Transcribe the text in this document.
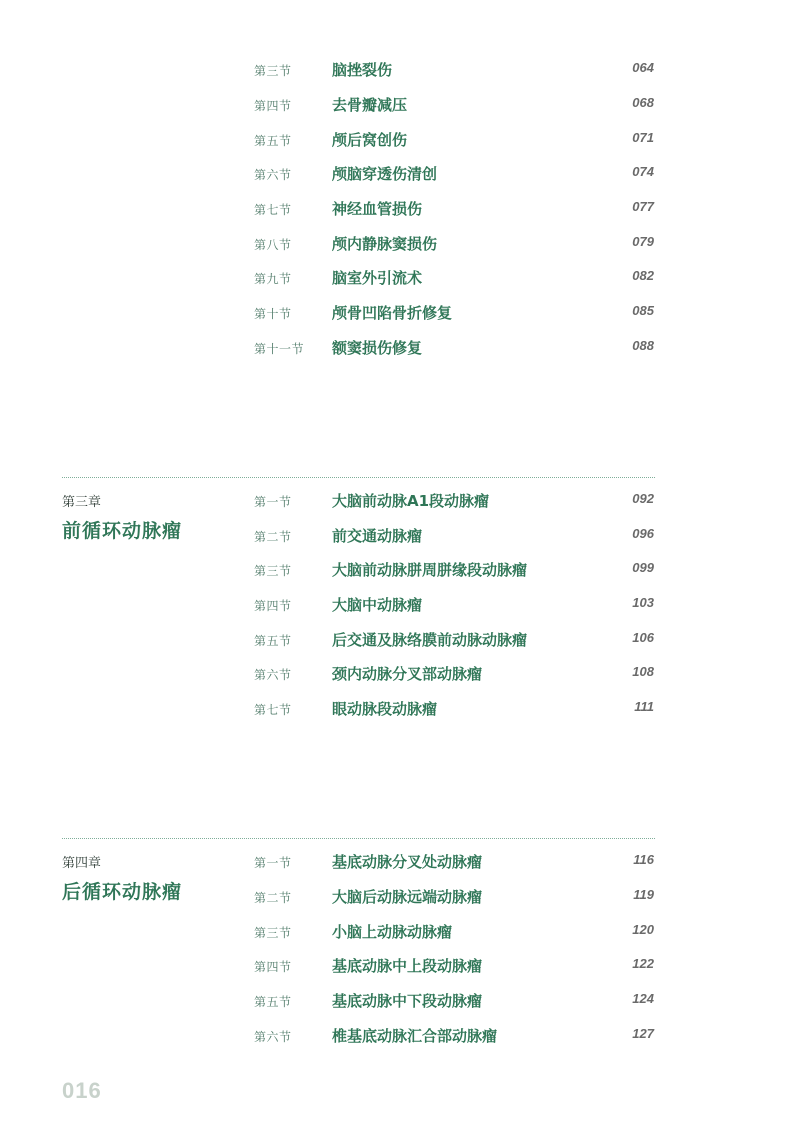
第三节	脑挫裂伤	064
第四节	去骨瓣减压	068
第五节	颅后窝创伤	071
第六节	颅脑穿透伤清创	074
第七节	神经血管损伤	077
第八节	颅内静脉窦损伤	079
第九节	脑室外引流术	082
第十节	颅骨凹陷骨折修复	085
第十一节 额窦损伤修复	088
第三章
前循环动脉瘤
第一节	大脑前动脉A1段动脉瘤	092
第二节	前交通动脉瘤	096
第三节	大脑前动脉胼周胼缘段动脉瘤	099
第四节	大脑中动脉瘤	103
第五节	后交通及脉络膜前动脉动脉瘤	106
第六节	颈内动脉分叉部动脉瘤	108
第七节	眼动脉段动脉瘤	111
第四章
后循环动脉瘤
第一节	基底动脉分叉处动脉瘤	116
第二节	大脑后动脉远端动脉瘤	119
第三节	小脑上动脉动脉瘤	120
第四节	基底动脉中上段动脉瘤	122
第五节	基底动脉中下段动脉瘤	124
第六节	椎基底动脉汇合部动脉瘤	127
016
